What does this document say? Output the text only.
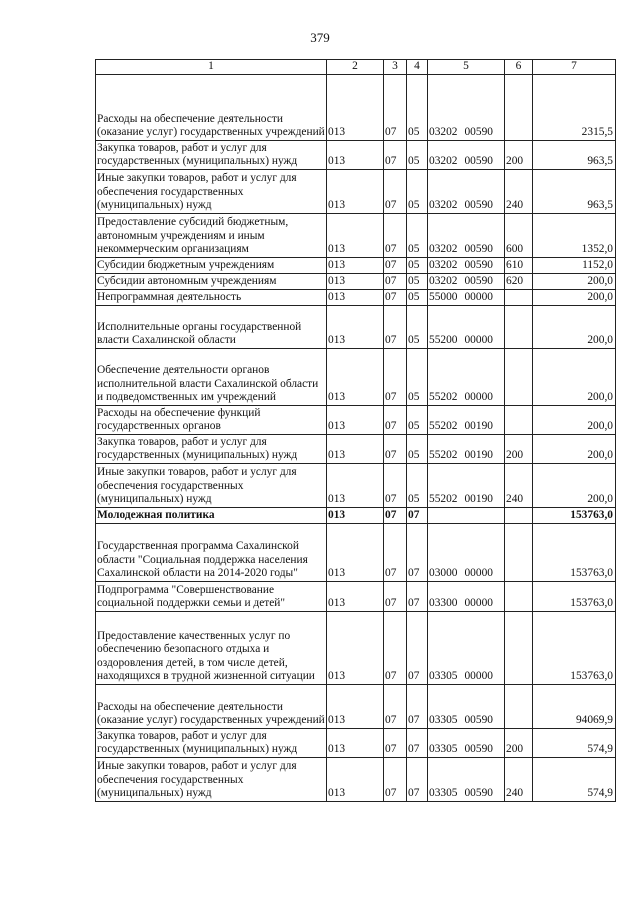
379
1	2	3	4	5	6	7
Расходы на обеспечение деятельности (оказание услуг) государственных учреждений	013	07	05	03202 00590		2315,5
Закупка товаров, работ и услуг для государственных (муниципальных) нужд	013	07	05	03202 00590	200	963,5
Иные закупки товаров, работ и услуг для обеспечения государственных (муниципальных) нужд	013	07	05	03202 00590	240	963,5
Предоставление субсидий бюджетным, автономным учреждениям и иным некоммерческим организациям	013	07	05	03202 00590	600	1352,0
Субсидии бюджетным учреждениям	013	07	05	03202 00590	610	1152,0
Субсидии автономным учреждениям	013	07	05	03202 00590	620	200,0
Непрограммная деятельность	013	07	05	55000 00000		200,0
Исполнительные органы государственной власти Сахалинской области	013	07	05	55200 00000		200,0
Обеспечение деятельности органов исполнительной власти Сахалинской области и подведомственных им учреждений	013	07	05	55202 00000		200,0
Расходы на обеспечение функций государственных органов	013	07	05	55202 00190		200,0
Закупка товаров, работ и услуг для государственных (муниципальных) нужд	013	07	05	55202 00190	200	200,0
Иные закупки товаров, работ и услуг для обеспечения государственных (муниципальных) нужд	013	07	05	55202 00190	240	200,0
Молодежная политика	013	07	07			153763,0
Государственная программа Сахалинской области "Социальная поддержка населения Сахалинской области на 2014-2020 годы"	013	07	07	03000 00000		153763,0
Подпрограмма "Совершенствование социальной поддержки семьи и детей"	013	07	07	03300 00000		153763,0
Предоставление качественных услуг по обеспечению безопасного отдыха и оздоровления детей, в том числе детей, находящихся в трудной жизненной ситуации	013	07	07	03305 00000		153763,0
Расходы на обеспечение деятельности (оказание услуг) государственных учреждений	013	07	07	03305 00590		94069,9
Закупка товаров, работ и услуг для государственных (муниципальных) нужд	013	07	07	03305 00590	200	574,9
Иные закупки товаров, работ и услуг для обеспечения государственных (муниципальных) нужд	013	07	07	03305 00590	240	574,9
